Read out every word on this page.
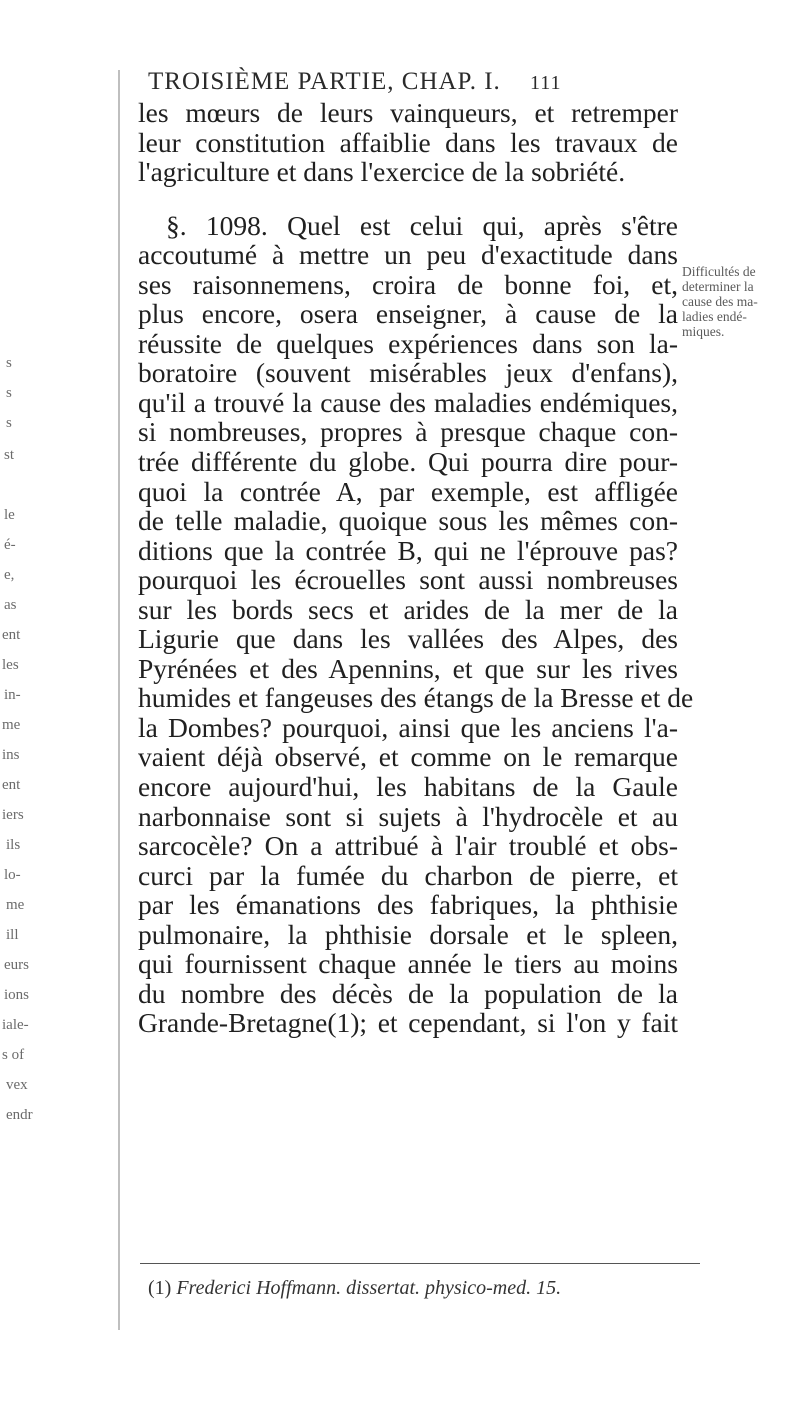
s
s
s
st
le
é-
e,
as
ent
les
in-
me
ins
ent
iers
ils
lo-
me
ill
eurs
ions
iale-
s of
vex
endr
TROISIÈME PARTIE, CHAP. I. 111
les mœurs de leurs vainqueurs, et retremper
leur constitution affaiblie dans les travaux de
l'agriculture et dans l'exercice de la sobriété.
§. 1098. Quel est celui qui, après s'être
accoutumé à mettre un peu d'exactitude dans
ses raisonnemens, croira de bonne foi, et,
plus encore, osera enseigner, à cause de la
réussite de quelques expériences dans son la-
boratoire (souvent misérables jeux d'enfans),
qu'il a trouvé la cause des maladies endémiques,
si nombreuses, propres à presque chaque con-
trée différente du globe. Qui pourra dire pour-
quoi la contrée A, par exemple, est affligée
de telle maladie, quoique sous les mêmes con-
ditions que la contrée B, qui ne l'éprouve pas?
pourquoi les écrouelles sont aussi nombreuses
sur les bords secs et arides de la mer de la
Ligurie que dans les vallées des Alpes, des
Pyrénées et des Apennins, et que sur les rives
humides et fangeuses des étangs de la Bresse et de
la Dombes? pourquoi, ainsi que les anciens l'a-
vaient déjà observé, et comme on le remarque
encore aujourd'hui, les habitans de la Gaule
narbonnaise sont si sujets à l'hydrocèle et au
sarcocèle? On a attribué à l'air troublé et obs-
curci par la fumée du charbon de pierre, et
par les émanations des fabriques, la phthisie
pulmonaire, la phthisie dorsale et le spleen,
qui fournissent chaque année le tiers au moins
du nombre des décès de la population de la
Grande-Bretagne(1); et cependant, si l'on y fait
Difficultés de
determiner la
cause des ma-
ladies endé-
miques.
(1) Frederici Hoffmann. dissertat. physico-med. 15.
